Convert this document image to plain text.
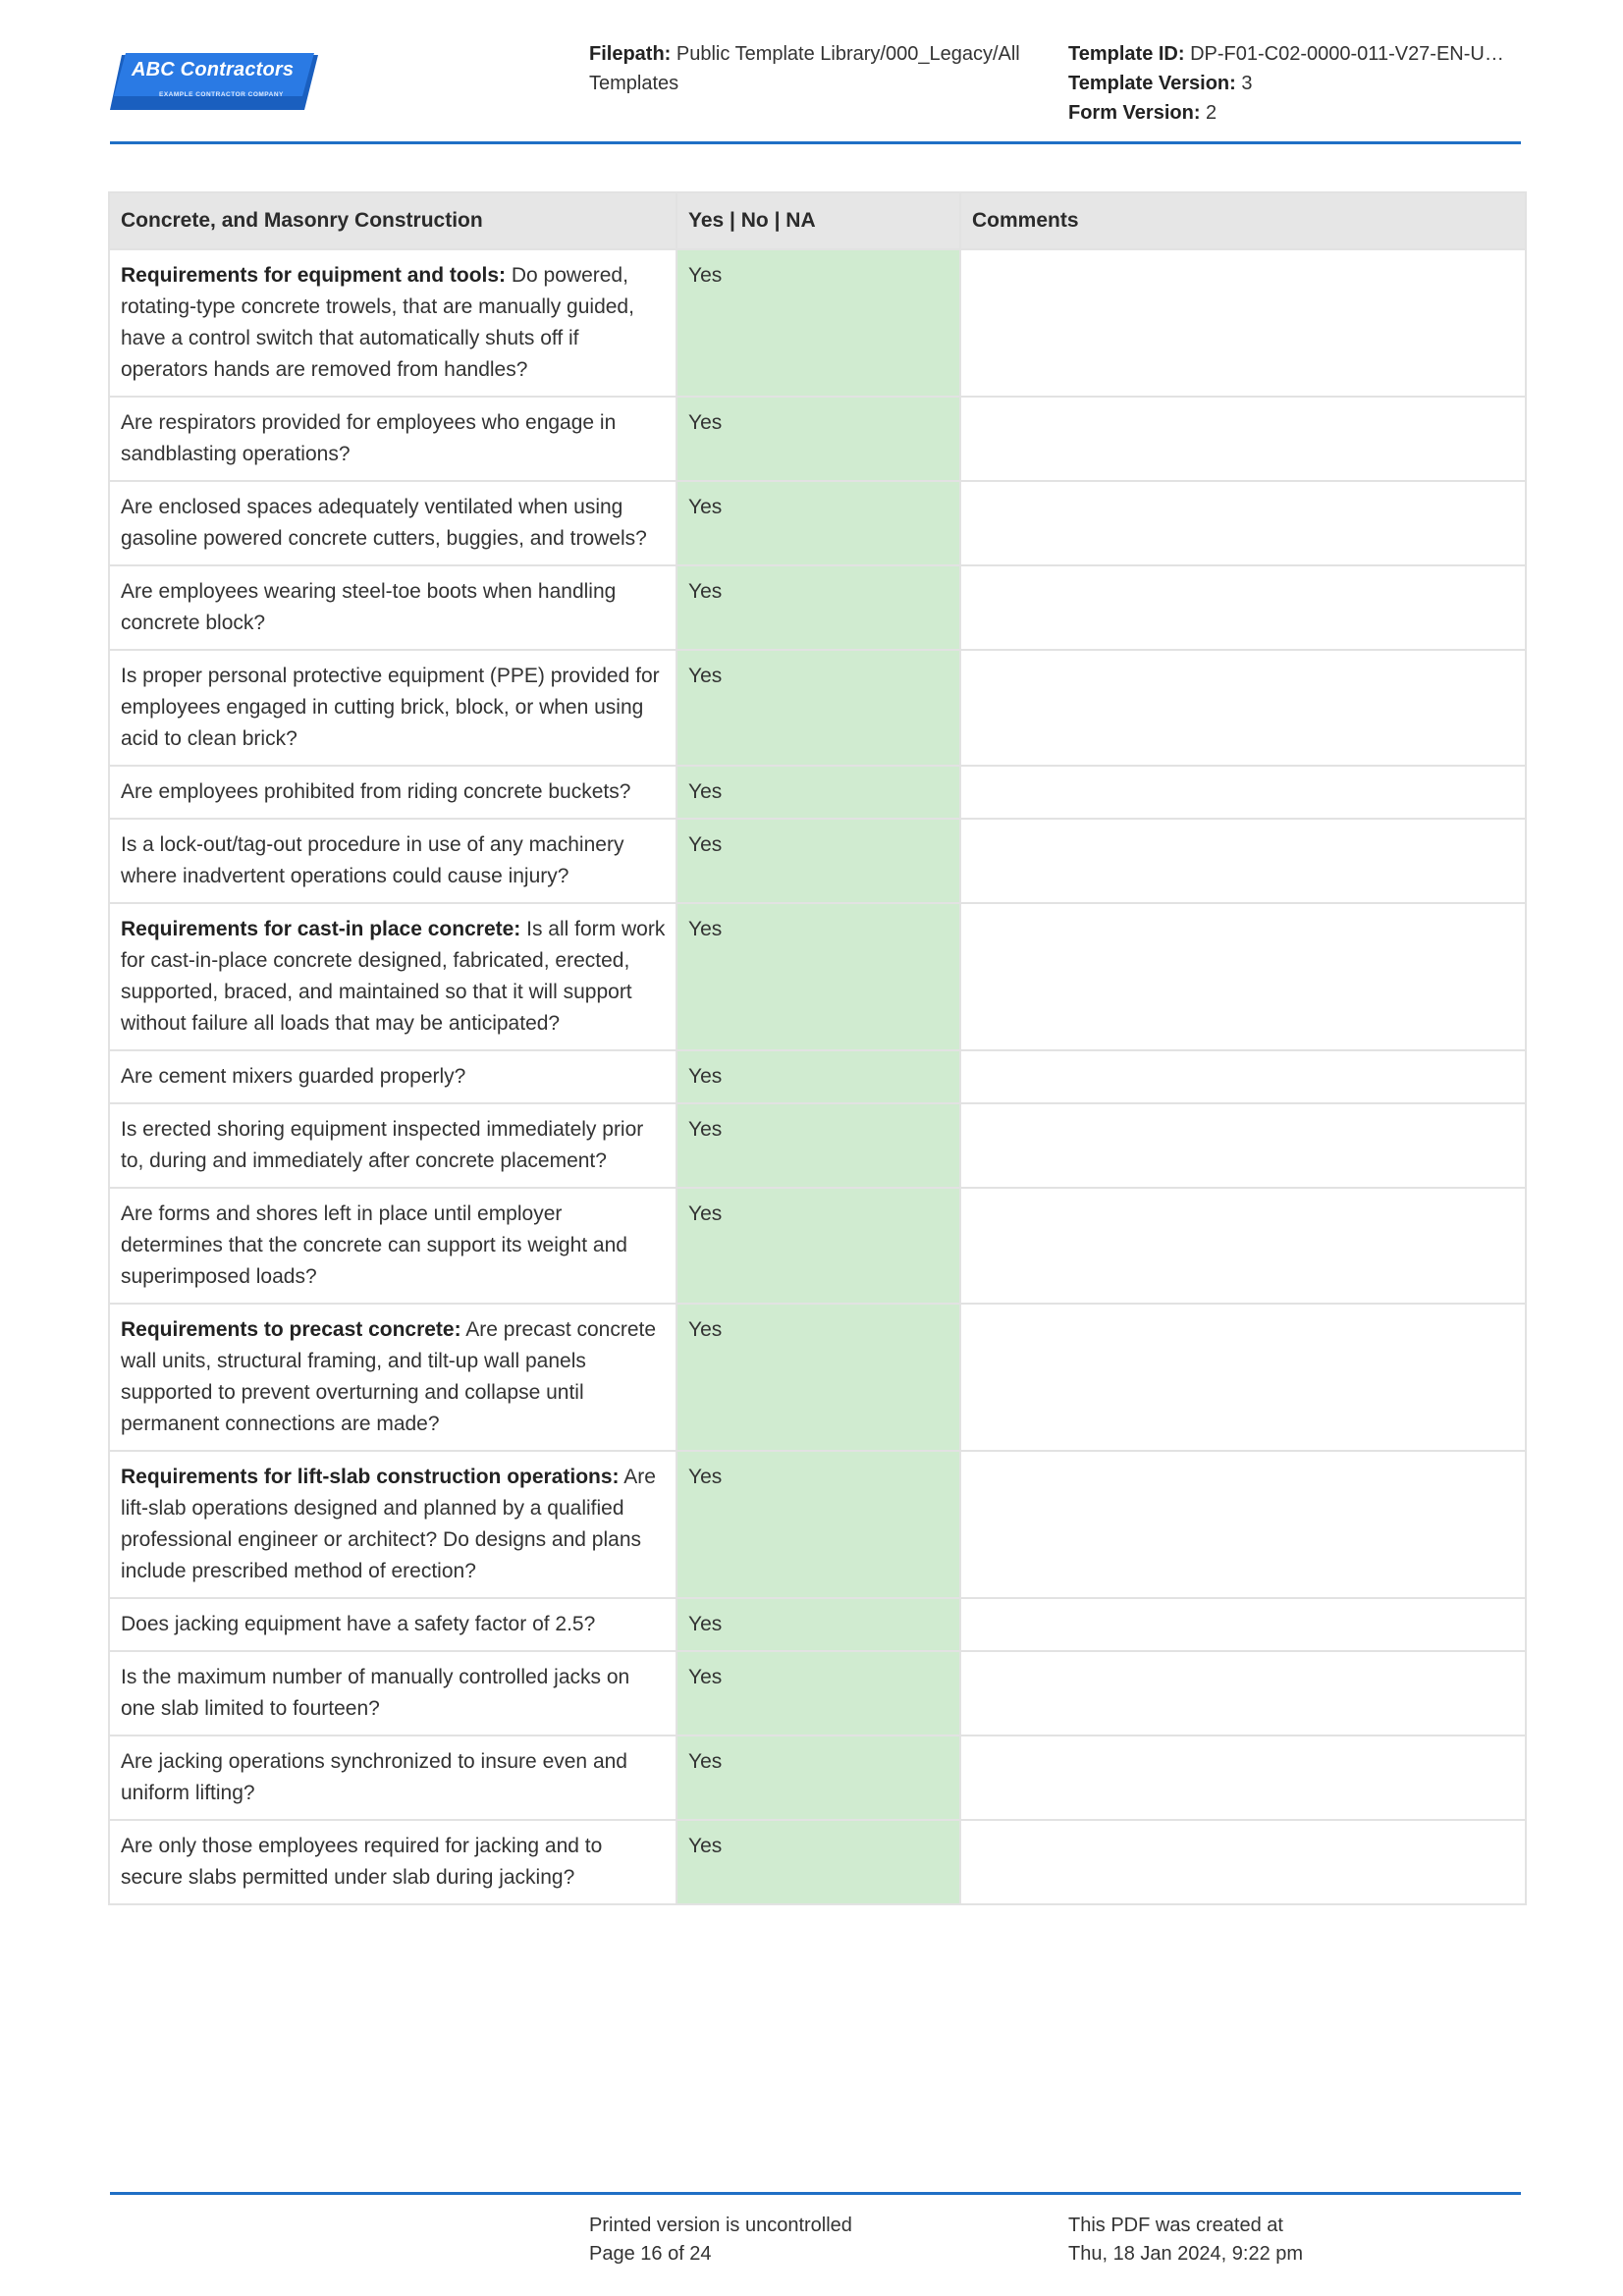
ABC Contractors
EXAMPLE CONTRACTOR COMPANY
Filepath: Public Template Library/000_Legacy/All Templates
Template ID: DP-F01-C02-0000-011-V27-EN-U…
Template Version: 3
Form Version: 2
Concrete, and Masonry Construction	Yes | No | NA	Comments
Requirements for equipment and tools: Do powered, rotating-type concrete trowels, that are manually guided, have a control switch that automatically shuts off if operators hands are removed from handles?	Yes	
Are respirators provided for employees who engage in sandblasting operations?	Yes	
Are enclosed spaces adequately ventilated when using gasoline powered concrete cutters, buggies, and trowels?	Yes	
Are employees wearing steel-toe boots when handling concrete block?	Yes	
Is proper personal protective equipment (PPE) provided for employees engaged in cutting brick, block, or when using acid to clean brick?	Yes	
Are employees prohibited from riding concrete buckets?	Yes	
Is a lock-out/tag-out procedure in use of any machinery where inadvertent operations could cause injury?	Yes	
Requirements for cast-in place concrete: Is all form work for cast-in-place concrete designed, fabricated, erected, supported, braced, and maintained so that it will support without failure all loads that may be anticipated?	Yes	
Are cement mixers guarded properly?	Yes	
Is erected shoring equipment inspected immediately prior to, during and immediately after concrete placement?	Yes	
Are forms and shores left in place until employer determines that the concrete can support its weight and superimposed loads?	Yes	
Requirements to precast concrete: Are precast concrete wall units, structural framing, and tilt-up wall panels supported to prevent overturning and collapse until permanent connections are made?	Yes	
Requirements for lift-slab construction operations: Are lift-slab operations designed and planned by a qualified professional engineer or architect? Do designs and plans include prescribed method of erection?	Yes	
Does jacking equipment have a safety factor of 2.5?	Yes	
Is the maximum number of manually controlled jacks on one slab limited to fourteen?	Yes	
Are jacking operations synchronized to insure even and uniform lifting?	Yes	
Are only those employees required for jacking and to secure slabs permitted under slab during jacking?	Yes	
Printed version is uncontrolled
Page 16 of 24
This PDF was created at
Thu, 18 Jan 2024, 9:22 pm
